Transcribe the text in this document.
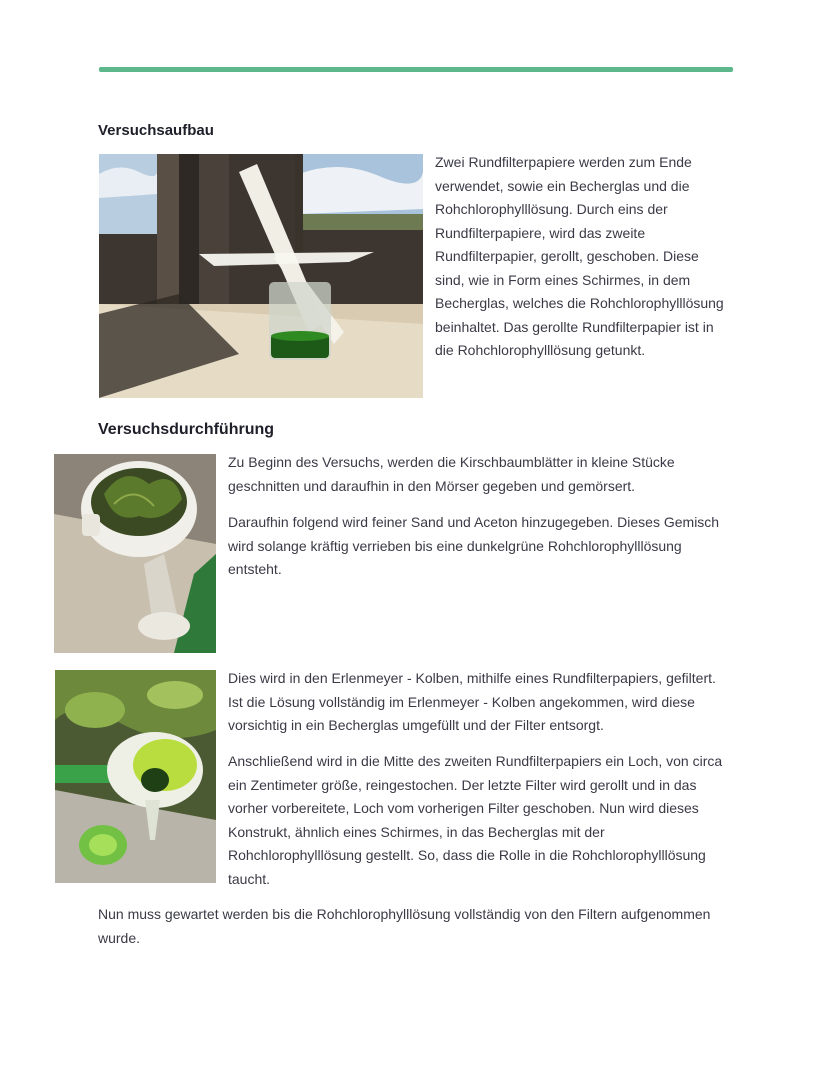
Versuchsaufbau

Zwei Rundfilterpapiere werden zum Ende verwendet, sowie ein Becherglas und die Rohchlorophylllösung. Durch eins der Rundfilterpapiere, wird das zweite Rundfilterpapier, gerollt, geschoben. Diese sind, wie in Form eines Schirmes, in dem Becherglas, welches die Rohchlorophylllösung beinhaltet. Das gerollte Rundfilterpapier ist in die Rohchlorophylllösung getunkt.

Versuchsdurchführung

Zu Beginn des Versuchs, werden die Kirschbaumblätter in kleine Stücke geschnitten und daraufhin in den Mörser gegeben und gemörsert.

Daraufhin folgend wird feiner Sand und Aceton hinzugegeben. Dieses Gemisch wird solange kräftig verrieben bis eine dunkelgrüne Rohchlorophylllösung entsteht.

Dies wird in den Erlenmeyer - Kolben, mithilfe eines Rundfilterpapiers, gefiltert. Ist die Lösung vollständig im Erlenmeyer - Kolben angekommen, wird diese vorsichtig in ein Becherglas umgefüllt und der Filter entsorgt.

Anschließend wird in die Mitte des zweiten Rundfilterpapiers ein Loch, von circa ein Zentimeter größe, reingestochen. Der letzte Filter wird gerollt und in das vorher vorbereitete, Loch vom vorherigen Filter geschoben. Nun wird dieses Konstrukt, ähnlich eines Schirmes, in das Becherglas mit der Rohchlorophylllösung gestellt. So, dass die Rolle in die Rohchlorophylllösung taucht.

Nun muss gewartet werden bis die Rohchlorophylllösung vollständig von den Filtern aufgenommen wurde.
